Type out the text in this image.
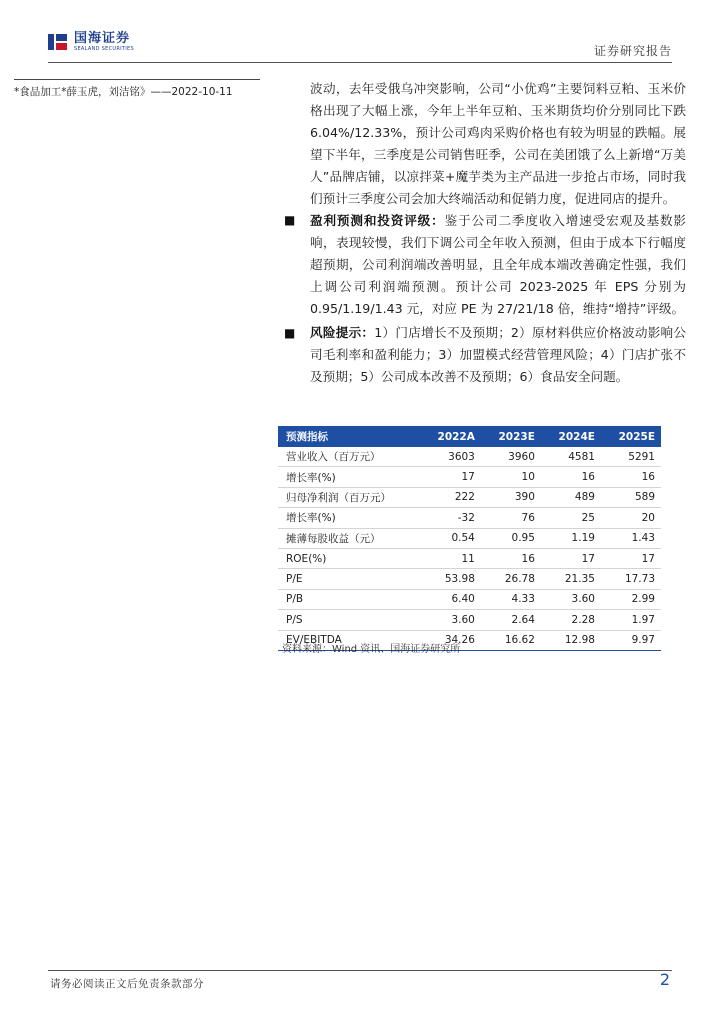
国海证券
SEALAND SECURITIES	证券研究报告
*食品加工*薛玉虎，刘洁铭》——2022-10-11	波动，去年受俄乌冲突影响，公司“小优鸡”主要饲料豆粕、玉米价格出现了大幅上涨，今年上半年豆粕、玉米期货均价分别同比下跌6.04%/12.33%，预计公司鸡肉采购价格也有较为明显的跌幅。展望下半年，三季度是公司销售旺季，公司在美团饿了么上新增“万美人”品牌店铺，以凉拌菜+魔芋类为主产品进一步抢占市场，同时我们预计三季度公司会加大终端活动和促销力度，促进同店的提升。
■ 盈利预测和投资评级：鉴于公司二季度收入增速受宏观及基数影响，表现较慢，我们下调公司全年收入预测，但由于成本下行幅度超预期，公司利润端改善明显，且全年成本端改善确定性强，我们上调公司利润端预测。预计公司 2023-2025 年 EPS 分别为 0.95/1.19/1.43 元，对应 PE 为 27/21/18 倍，维持“增持”评级。
■ 风险提示：1）门店增长不及预期；2）原材料供应价格波动影响公司毛利率和盈利能力；3）加盟模式经营管理风险；4）门店扩张不及预期；5）公司成本改善不及预期；6）食品安全问题。
预测指标	2022A	2023E	2024E	2025E
营业收入（百万元）	3603	3960	4581	5291
增长率(%)	17	10	16	16
归母净利润（百万元）	222	390	489	589
增长率(%)	-32	76	25	20
摊薄每股收益（元）	0.54	0.95	1.19	1.43
ROE(%)	11	16	17	17
P/E	53.98	26.78	21.35	17.73
P/B	6.40	4.33	3.60	2.99
P/S	3.60	2.64	2.28	1.97
EV/EBITDA	34.26	16.62	12.98	9.97
资料来源：Wind 资讯、国海证券研究所
请务必阅读正文后免责条款部分	2
